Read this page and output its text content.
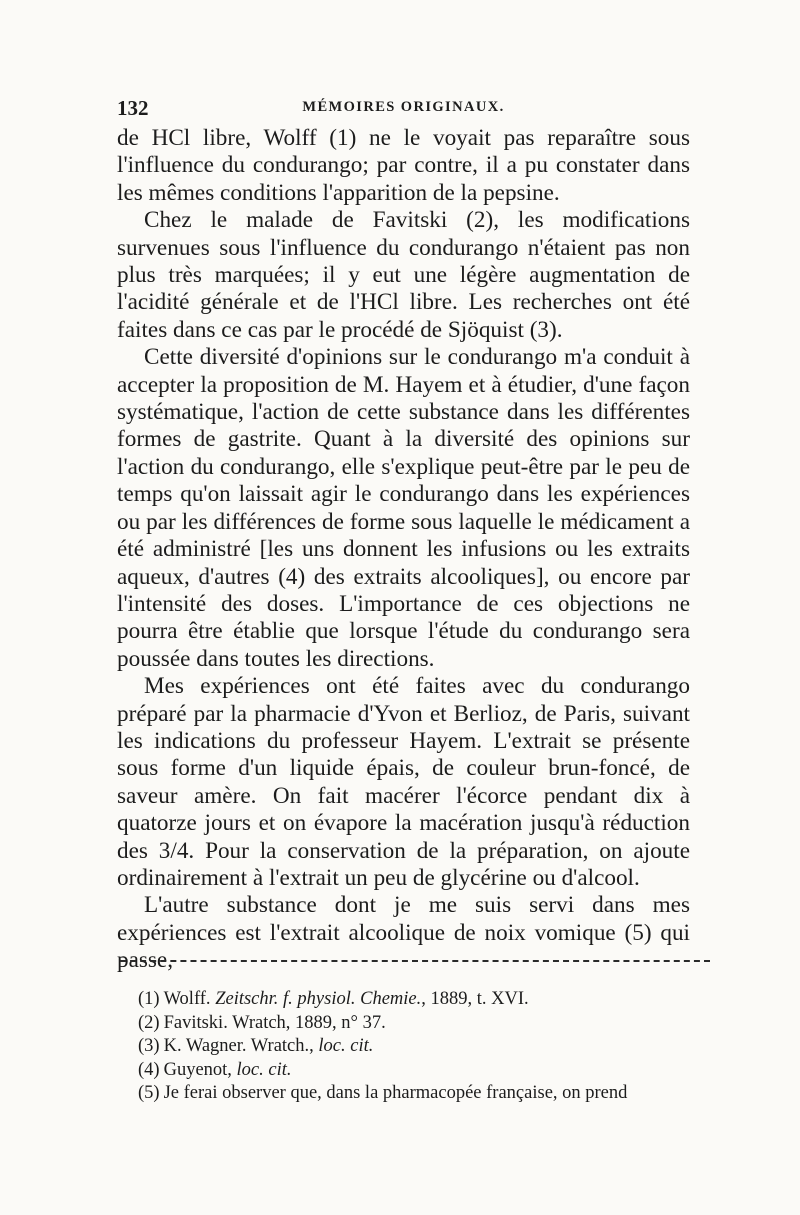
132	MÉMOIRES ORIGINAUX.

de HCl libre, Wolff (1) ne le voyait pas reparaître sous l'influence du condurango; par contre, il a pu constater dans les mêmes conditions l'apparition de la pepsine.

Chez le malade de Favitski (2), les modifications survenues sous l'influence du condurango n'étaient pas non plus très marquées; il y eut une légère augmentation de l'acidité générale et de l'HCl libre. Les recherches ont été faites dans ce cas par le procédé de Sjöquist (3).

Cette diversité d'opinions sur le condurango m'a conduit à accepter la proposition de M. Hayem et à étudier, d'une façon systématique, l'action de cette substance dans les différentes formes de gastrite. Quant à la diversité des opinions sur l'action du condurango, elle s'explique peut-être par le peu de temps qu'on laissait agir le condurango dans les expériences ou par les différences de forme sous laquelle le médicament a été administré [les uns donnent les infusions ou les extraits aqueux, d'autres (4) des extraits alcooliques], ou encore par l'intensité des doses. L'importance de ces objections ne pourra être établie que lorsque l'étude du condurango sera poussée dans toutes les directions.

Mes expériences ont été faites avec du condurango préparé par la pharmacie d'Yvon et Berlioz, de Paris, suivant les indications du professeur Hayem. L'extrait se présente sous forme d'un liquide épais, de couleur brun-foncé, de saveur amère. On fait macérer l'écorce pendant dix à quatorze jours et on évapore la macération jusqu'à réduction des 3/4. Pour la conservation de la préparation, on ajoute ordinairement à l'extrait un peu de glycérine ou d'alcool.

L'autre substance dont je me suis servi dans mes expériences est l'extrait alcoolique de noix vomique (5) qui passe,

(1) Wolff. Zeitschr. f. physiol. Chemie., 1889, t. XVI.
(2) Favitski. Wratch, 1889, n° 37.
(3) K. Wagner. Wratch., loc. cit.
(4) Guyenot, loc. cit.
(5) Je ferai observer que, dans la pharmacopée française, on prend
